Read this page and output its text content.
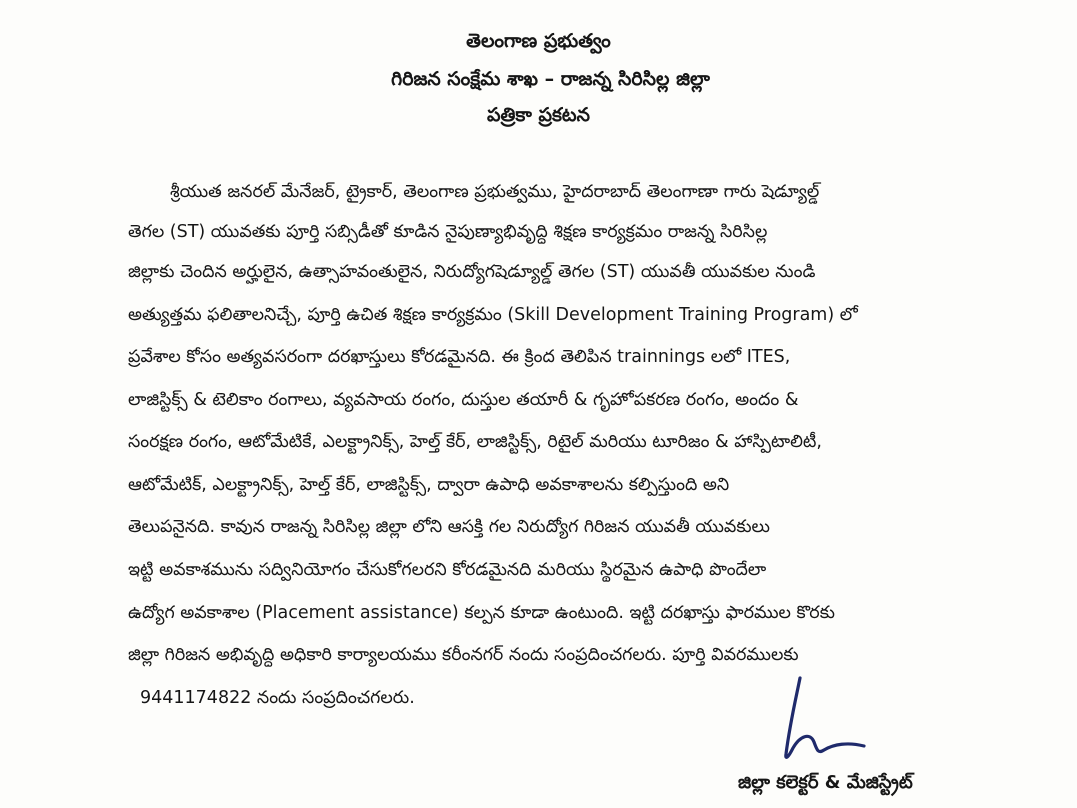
తెలంగాణ ప్రభుత్వం
గిరిజన సంక్షేమ శాఖ – రాజన్న సిరిసిల్ల జిల్లా
పత్రికా ప్రకటన
శ్రీయుత జనరల్ మేనేజర్, ట్రైకార్, తెలంగాణ ప్రభుత్వము, హైదరాబాద్ తెలంగాణా గారు షెడ్యూల్డ్
తెగల (ST) యువతకు పూర్తి సబ్సిడీతో కూడిన నైపుణ్యాభివృద్ధి శిక్షణ కార్యక్రమం రాజన్న సిరిసిల్ల
జిల్లాకు చెందిన అర్హులైన, ఉత్సాహవంతులైన, నిరుద్యోగషెడ్యూల్డ్ తెగల (ST) యువతీ యువకుల నుండి
అత్యుత్తమ ఫలితాలనిచ్చే, పూర్తి ఉచిత శిక్షణ కార్యక్రమం (Skill Development Training Program) లో
ప్రవేశాల కోసం అత్యవసరంగా దరఖాస్తులు కోరడమైనది. ఈ క్రింద తెలిపిన trainnings లలో ITES,
లాజిస్టిక్స్ & టెలికాం రంగాలు, వ్యవసాయ రంగం, దుస్తుల తయారీ & గృహోపకరణ రంగం, అందం &
సంరక్షణ రంగం, ఆటోమేటికే, ఎలక్ట్రానిక్స్, హెల్త్ కేర్, లాజిస్టిక్స్, రిటైల్ మరియు టూరిజం & హాస్పిటాలిటీ,
ఆటోమేటిక్, ఎలక్ట్రానిక్స్, హెల్త్ కేర్, లాజిస్టిక్స్, ద్వారా ఉపాధి అవకాశాలను కల్పిస్తుంది అని
తెలుపనైనది. కావున రాజన్న సిరిసిల్ల జిల్లా లోని ఆసక్తి గల నిరుద్యోగ గిరిజన యువతీ యువకులు
ఇట్టి అవకాశమును సద్వినియోగం చేసుకోగలరని కోరడమైనది మరియు స్థిరమైన ఉపాధి పొందేలా
ఉద్యోగ అవకాశాల (Placement assistance) కల్పన కూడా ఉంటుంది. ఇట్టి దరఖాస్తు ఫారముల కొరకు
జిల్లా గిరిజన అభివృద్ధి అధికారి కార్యాలయము కరీంనగర్ నందు సంప్రదించగలరు. పూర్తి వివరములకు
9441174822 నందు సంప్రదించగలరు.
జిల్లా కలెక్టర్ & మేజిస్ట్రేట్
